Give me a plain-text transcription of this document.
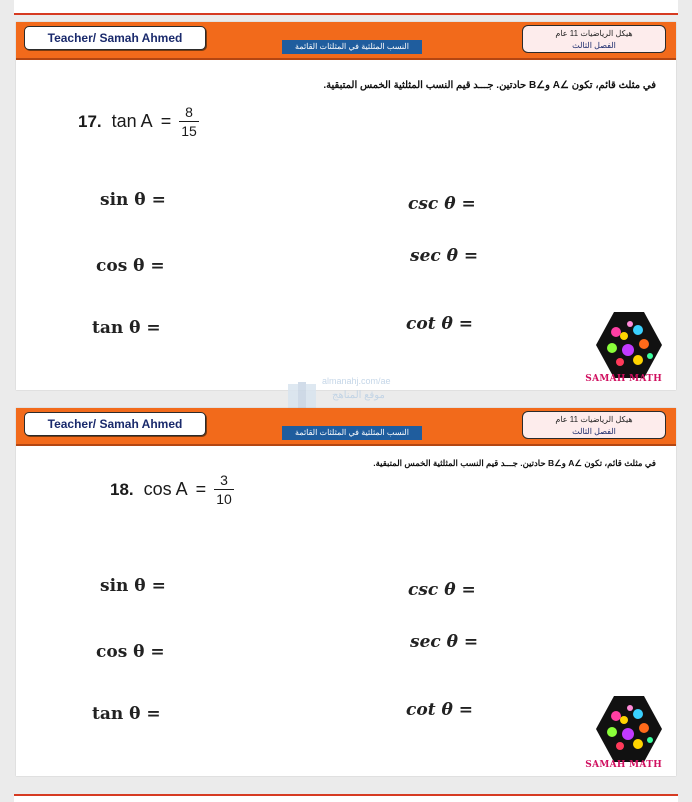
Teacher/ Samah Ahmed
النسب المثلثية في المثلثات القائمة
هيكل الرياضيات 11 عام
الفصل الثالث
في مثلث قائم، تكون ∠A و∠B حادتين. جـــد قيم النسب المثلثية الخمس المتبقية.
17. $\tan A = \frac{8}{15}$
sin θ =
cos θ =
tan θ =
csc θ =
sec θ =
cot θ =
SAMAH MATH
almanahj.com/ae
موقع المناهج
Teacher/ Samah Ahmed
النسب المثلثية في المثلثات القائمة
هيكل الرياضيات 11 عام
الفصل الثالث
في مثلث قائم، تكون ∠A و∠B حادتين. جـــد قيم النسب المثلثية الخمس المتبقية.
18. $\cos A = \frac{3}{10}$
sin θ =
cos θ =
tan θ =
csc θ =
sec θ =
cot θ =
SAMAH MATH
